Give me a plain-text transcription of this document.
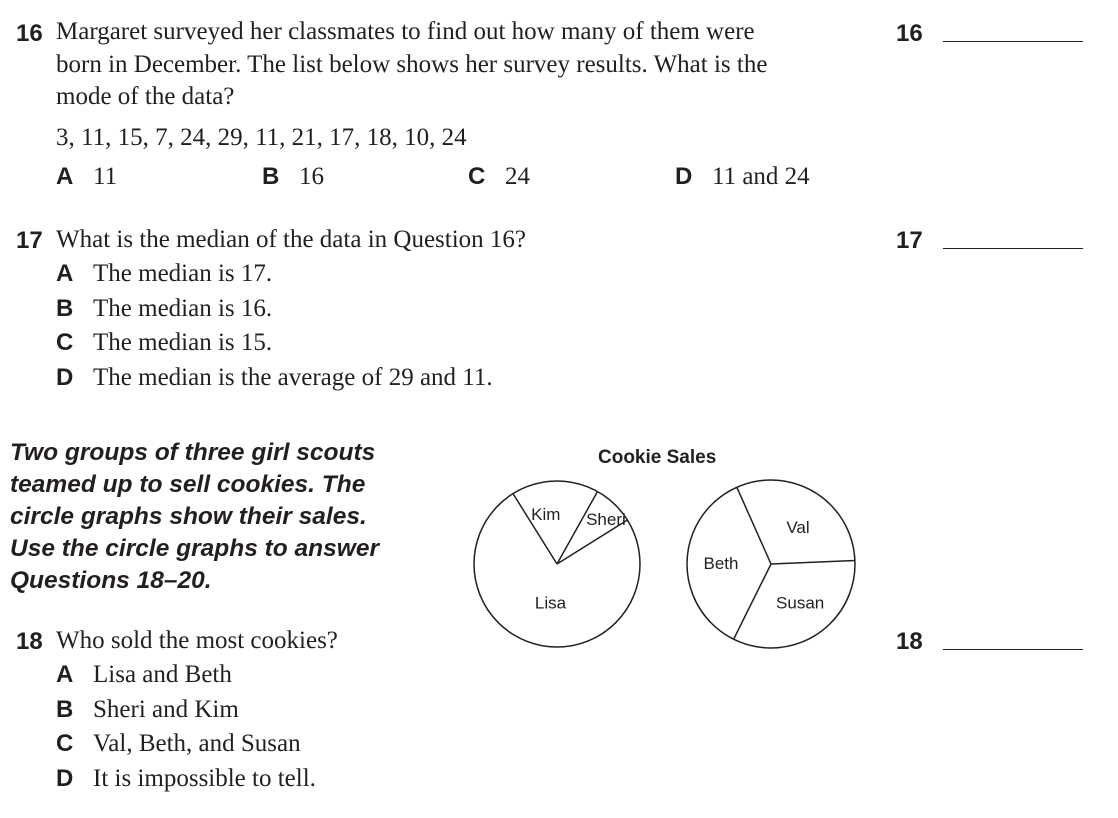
16 Margaret surveyed her classmates to find out how many of them were
born in December. The list below shows her survey results. What is the
mode of the data?
3, 11, 15, 7, 24, 29, 11, 21, 17, 18, 10, 24
A 11	B 16	C 24	D 11 and 24
16
17 What is the median of the data in Question 16?
A The median is 17.
B The median is 16.
C The median is 15.
D The median is the average of 29 and 11.
17
Two groups of three girl scouts
teamed up to sell cookies. The
circle graphs show their sales.
Use the circle graphs to answer
Questions 18–20.
Cookie Sales
Kim Sheri
Lisa
Val
Susan
Beth
18 Who sold the most cookies?
A Lisa and Beth
B Sheri and Kim
C Val, Beth, and Susan
D It is impossible to tell.
18
